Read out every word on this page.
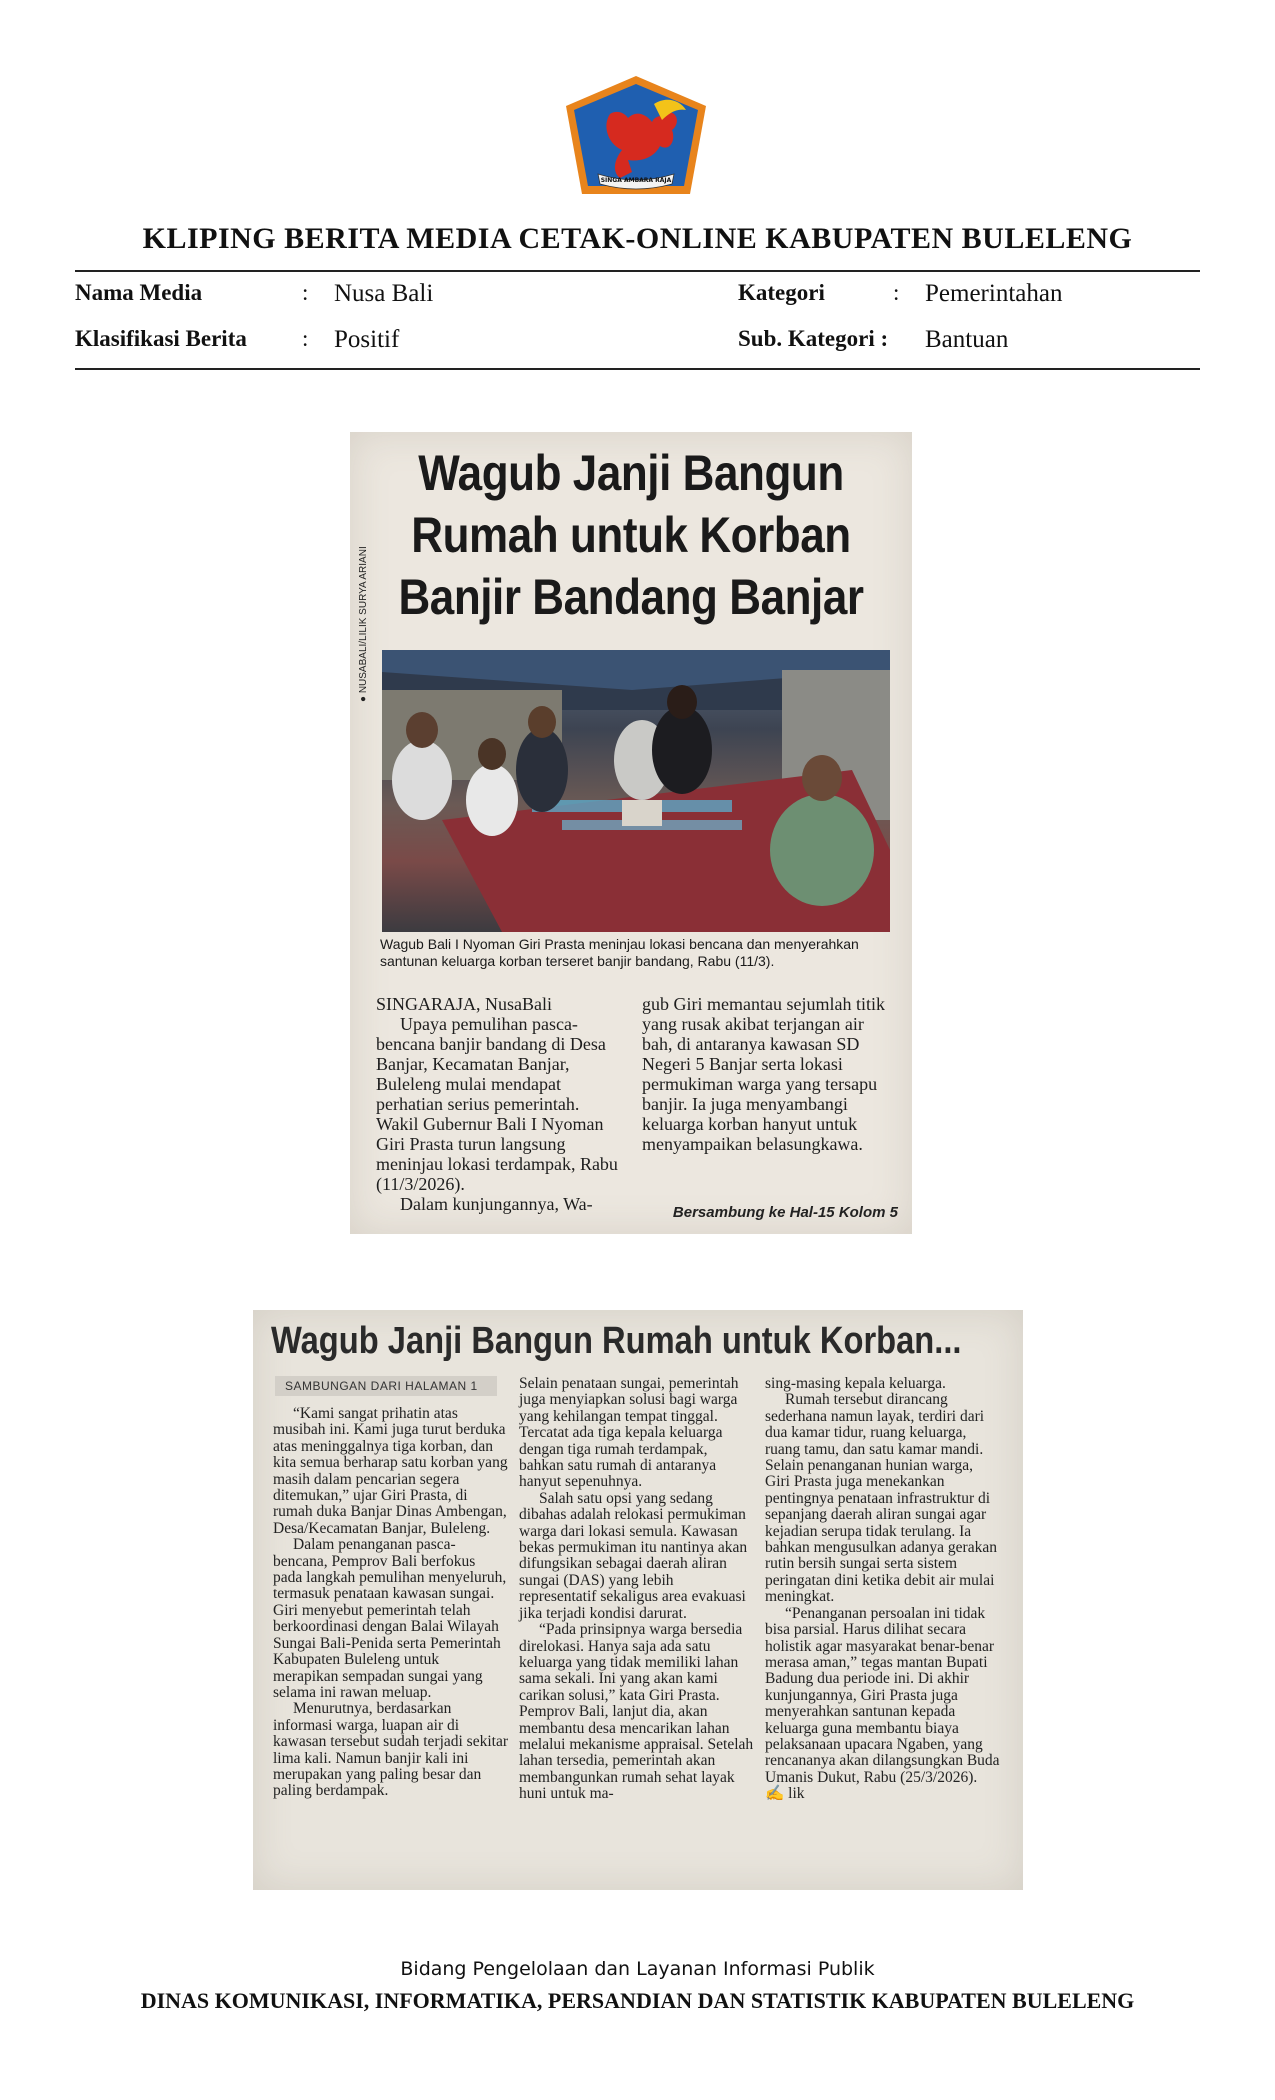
SINGA AMBARA RAJA
KLIPING BERITA MEDIA CETAK-ONLINE KABUPATEN BULELENG
Nama Media	: Nusa Bali	Kategori	: Pemerintahan
Klasifikasi Berita : Positif	Sub. Kategori : Bantuan
Wagub Janji Bangun
Rumah untuk Korban
Banjir Bandang Banjar
● NUSABALI/LILIK SURYA ARIANI
Wagub Bali I Nyoman Giri Prasta meninjau lokasi bencana dan menyerahkan santunan keluarga korban terseret banjir bandang, Rabu (11/3).

SINGARAJA, NusaBali

Upaya pemulihan pasca-bencana banjir bandang di Desa Banjar, Kecamatan Banjar, Buleleng mulai mendapat perhatian serius pemerintah. Wakil Gubernur Bali I Nyoman Giri Prasta turun langsung meninjau lokasi terdampak, Rabu (11/3/2026).

Dalam kunjungannya, Wa-

gub Giri memantau sejumlah titik yang rusak akibat terjangan air bah, di antaranya kawasan SD Negeri 5 Banjar serta lokasi permukiman warga yang tersapu banjir. Ia juga menyambangi keluarga korban hanyut untuk menyampaikan belasungkawa.

Bersambung ke Hal-15 Kolom 5
Wagub Janji Bangun Rumah untuk Korban...
SAMBUNGAN DARI HALAMAN 1

“Kami sangat prihatin atas musibah ini. Kami juga turut berduka atas meninggalnya tiga korban, dan kita semua berharap satu korban yang masih dalam pencarian segera ditemukan,” ujar Giri Prasta, di rumah duka Banjar Dinas Ambengan, Desa/Kecamatan Banjar, Buleleng.

Dalam penanganan pasca-bencana, Pemprov Bali berfokus pada langkah pemulihan menyeluruh, termasuk penataan kawasan sungai. Giri menyebut pemerintah telah berkoordinasi dengan Balai Wilayah Sungai Bali-Penida serta Pemerintah Kabupaten Buleleng untuk merapikan sempadan sungai yang selama ini rawan meluap.

Menurutnya, berdasarkan informasi warga, luapan air di kawasan tersebut sudah terjadi sekitar lima kali. Namun banjir kali ini merupakan yang paling besar dan paling berdampak.

Selain penataan sungai, pemerintah juga menyiapkan solusi bagi warga yang kehilangan tempat tinggal. Tercatat ada tiga kepala keluarga dengan tiga rumah terdampak, bahkan satu rumah di antaranya hanyut sepenuhnya.

Salah satu opsi yang sedang dibahas adalah relokasi permukiman warga dari lokasi semula. Kawasan bekas permukiman itu nantinya akan difungsikan sebagai daerah aliran sungai (DAS) yang lebih representatif sekaligus area evakuasi jika terjadi kondisi darurat.

“Pada prinsipnya warga bersedia direlokasi. Hanya saja ada satu keluarga yang tidak memiliki lahan sama sekali. Ini yang akan kami carikan solusi,” kata Giri Prasta. Pemprov Bali, lanjut dia, akan membantu desa mencarikan lahan melalui mekanisme appraisal. Setelah lahan tersedia, pemerintah akan membangunkan rumah sehat layak huni untuk ma-

sing-masing kepala keluarga.

Rumah tersebut dirancang sederhana namun layak, terdiri dari dua kamar tidur, ruang keluarga, ruang tamu, dan satu kamar mandi. Selain penanganan hunian warga, Giri Prasta juga menekankan pentingnya penataan infrastruktur di sepanjang daerah aliran sungai agar kejadian serupa tidak terulang. Ia bahkan mengusulkan adanya gerakan rutin bersih sungai serta sistem peringatan dini ketika debit air mulai meningkat.

“Penanganan persoalan ini tidak bisa parsial. Harus dilihat secara holistik agar masyarakat benar-benar merasa aman,” tegas mantan Bupati Badung dua periode ini. Di akhir kunjungannya, Giri Prasta juga menyerahkan santunan kepada keluarga guna membantu biaya pelaksanaan upacara Ngaben, yang rencananya akan dilangsungkan Buda Umanis Dukut, Rabu (25/3/2026). ✍ lik

Bidang Pengelolaan dan Layanan Informasi Publik
DINAS KOMUNIKASI, INFORMATIKA, PERSANDIAN DAN STATISTIK KABUPATEN BULELENG
